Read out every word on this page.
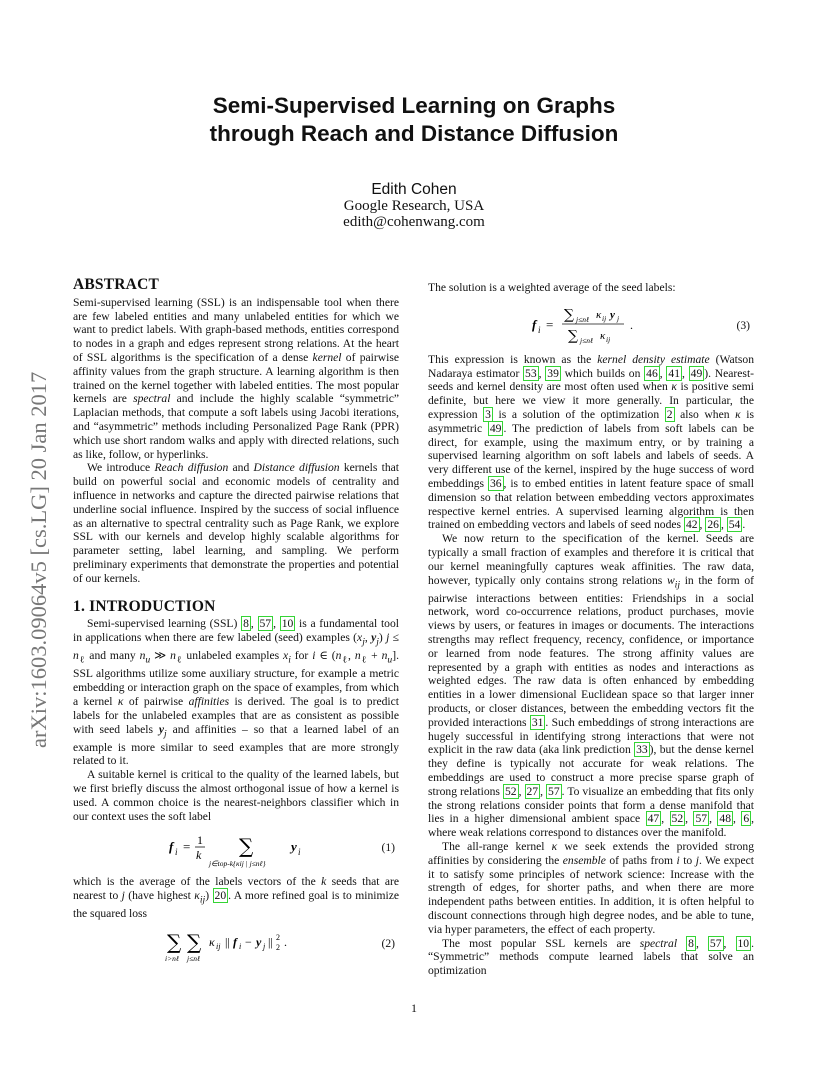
Semi-Supervised Learning on Graphs
through Reach and Distance Diffusion
Edith Cohen
Google Research, USA
edith@cohenwang.com
arXiv:1603.09064v5 [cs.LG] 20 Jan 2017
ABSTRACT

Semi-supervised learning (SSL) is an indispensable tool when there are few labeled entities and many unlabeled entities for which we want to predict labels. With graph-based methods, entities correspond to nodes in a graph and edges represent strong relations. At the heart of SSL algorithms is the specification of a dense kernel of pairwise affinity values from the graph structure. A learning algorithm is then trained on the kernel together with labeled entities. The most popular kernels are spectral and include the highly scalable “symmetric” Laplacian methods, that compute a soft labels using Jacobi iterations, and “asymmetric” methods including Personalized Page Rank (PPR) which use short random walks and apply with directed relations, such as like, follow, or hyperlinks.

We introduce Reach diffusion and Distance diffusion kernels that build on powerful social and economic models of centrality and influence in networks and capture the directed pairwise relations that underline social influence. Inspired by the success of social influence as an alternative to spectral centrality such as Page Rank, we explore SSL with our kernels and develop highly scalable algorithms for parameter setting, label learning, and sampling. We perform preliminary experiments that demonstrate the properties and potential of our kernels.

1. INTRODUCTION

Semi-supervised learning (SSL) 8 , 57 , 10 is a fundamental tool in applications when there are few labeled (seed) examples ($x_j$, $y_j$) $j \le n_\ell$ and many $n_u$ ≫ $n_\ell$ unlabeled examples $x_i$ for i ∈ ($n_\ell$, $n_\ell + n_u$]. SSL algorithms utilize some auxiliary structure, for example a metric embedding or interaction graph on the space of examples, from which a kernel κ of pairwise affinities is derived. The goal is to predict labels for the unlabeled examples that are as consistent as possible with seed labels $y_j$ and affinities – so that a learned label of an example is more similar to seed examples that are more strongly related to it.

A suitable kernel is critical to the quality of the learned labels, but we first briefly discuss the almost orthogonal issue of how a kernel is used. A common choice is the nearest-neighbors classifier which in our context uses the soft label

f i = 1
k ∑
j∈top-k{κij | j≤nℓ}
y i	(1)

which is the average of the labels vectors of the k seeds that are nearest to j (have highest $\kappa_{ij}$) 20 . A more refined goal is to minimize the squared loss

∑ ∑
i>nℓ j≤nℓ
κ ij || f i − y j || 2
2 .	(2)

The solution is a weighted average of the seed labels:

f i =
∑ j≤nℓ κ ij y j
∑ j≤nℓ κ ij
.	(3)

This expression is known as the kernel density estimate (Watson Nadaraya estimator 53 , 39 which builds on 46 , 41 , 49 ). Nearest-seeds and kernel density are most often used when κ is positive semi definite, but here we view it more generally. In particular, the expression 3 is a solution of the optimization 2 also when κ is asymmetric 49 . The prediction of labels from soft labels can be direct, for example, using the maximum entry, or by training a supervised learning algorithm on soft labels and labels of seeds. A very different use of the kernel, inspired by the huge success of word embeddings 36 , is to embed entities in latent feature space of small dimension so that relation between embedding vectors approximates respective kernel entries. A supervised learning algorithm is then trained on embedding vectors and labels of seed nodes 42 , 26 , 54 .

We now return to the specification of the kernel. Seeds are typically a small fraction of examples and therefore it is critical that our kernel meaningfully captures weak affinities. The raw data, however, typically only contains strong relations $w_{ij}$ in the form of pairwise interactions between entities: Friendships in a social network, word co-occurrence relations, product purchases, movie views by users, or features in images or documents. The interactions strengths may reflect frequency, recency, confidence, or importance or learned from node features. The strong affinity values are represented by a graph with entities as nodes and interactions as weighted edges. The raw data is often enhanced by embedding entities in a lower dimensional Euclidean space so that larger inner products, or closer distances, between the embedding vectors fit the provided interactions 31 . Such embeddings of strong interactions are hugely successful in identifying strong interactions that were not explicit in the raw data (aka link prediction 33 ), but the dense kernel they define is typically not accurate for weak relations. The embeddings are used to construct a more precise sparse graph of strong relations 52 , 27 , 57 . To visualize an embedding that fits only the strong relations consider points that form a dense manifold that lies in a higher dimensional ambient space 47 , 52 , 57 , 48 , 6 , where weak relations correspond to distances over the manifold.

The all-range kernel κ we seek extends the provided strong affinities by considering the ensemble of paths from i to j. We expect it to satisfy some principles of network science: Increase with the strength of edges, for shorter paths, and when there are more independent paths between entities. In addition, it is often helpful to discount connections through high degree nodes, and be able to tune, via hyper parameters, the effect of each property.

The most popular SSL kernels are spectral 8 , 57 , 10 . “Symmetric” methods compute learned labels that solve an optimization

1
